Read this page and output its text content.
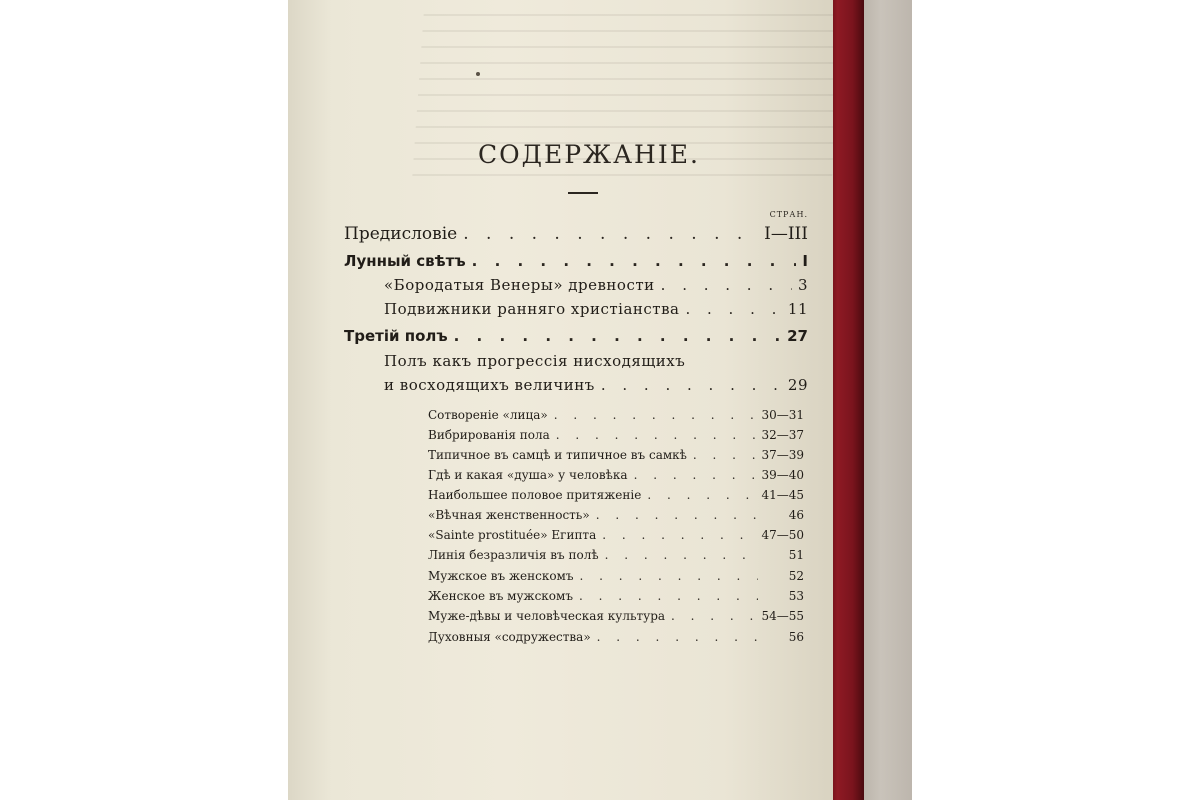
СОДЕРЖАНIЕ.
СТРАН.
Предисловiе . . .	I—III
Лунный свѣтъ . . .	I
«Бородатыя Венеры» древности . . .	3
Подвижники ранняго христiанства . . .	11
Третiй полъ . . .	27
Полъ какъ прогрессiя нисходящихъ
и восходящихъ величинъ . . .	29
Сотворенiе «лица» . . .	30—31
Вибрированiя пола . . .	32—37
Типичное въ самцѣ и типичное въ самкѣ . . .	37—39
Гдѣ и какая «душа» у человѣка . . .	39—40
Наибольшее половое притяженiе . . .	41—45
«Вѣчная женственность» . . .	46
«Sainte prostituée» Египта . . .	47—50
Линiя безразличiя въ полѣ . . .	51
Мужское въ женскомъ . . .	52
Женское въ мужскомъ . . .	53
Муже-дѣвы и человѣческая культура . . .	54—55
Духовныя «содружества» . . .	56
